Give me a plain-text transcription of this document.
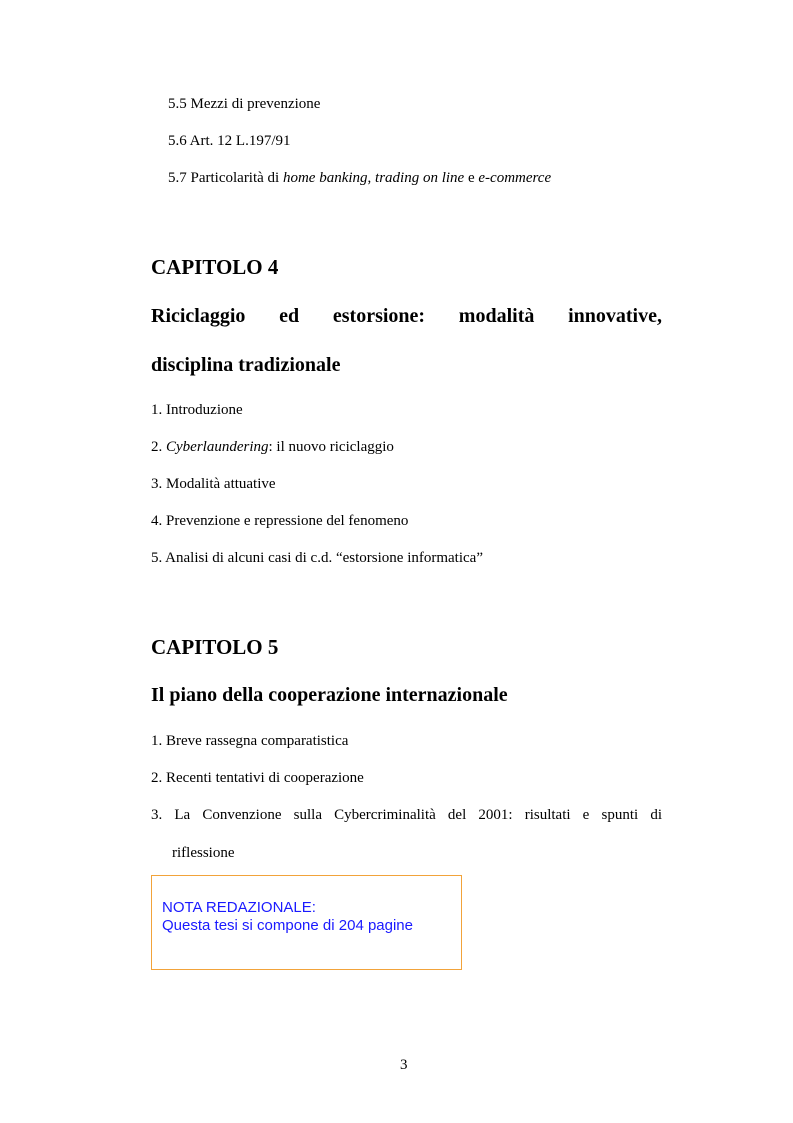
5.5 Mezzi di prevenzione
5.6 Art. 12 L.197/91
5.7 Particolarità di home banking, trading on line e e-commerce
CAPITOLO 4
Riciclaggio ed estorsione: modalità innovative,
disciplina tradizionale
1. Introduzione
2. Cyberlaundering: il nuovo riciclaggio
3. Modalità attuative
4. Prevenzione e repressione del fenomeno
5. Analisi di alcuni casi di c.d. “estorsione informatica”
CAPITOLO 5
Il piano della cooperazione internazionale
1. Breve rassegna comparatistica
2. Recenti tentativi di cooperazione
3. La Convenzione sulla Cybercriminalità del 2001: risultati e spunti di
riflessione
NOTA REDAZIONALE:
Questa tesi si compone di 204 pagine
3
